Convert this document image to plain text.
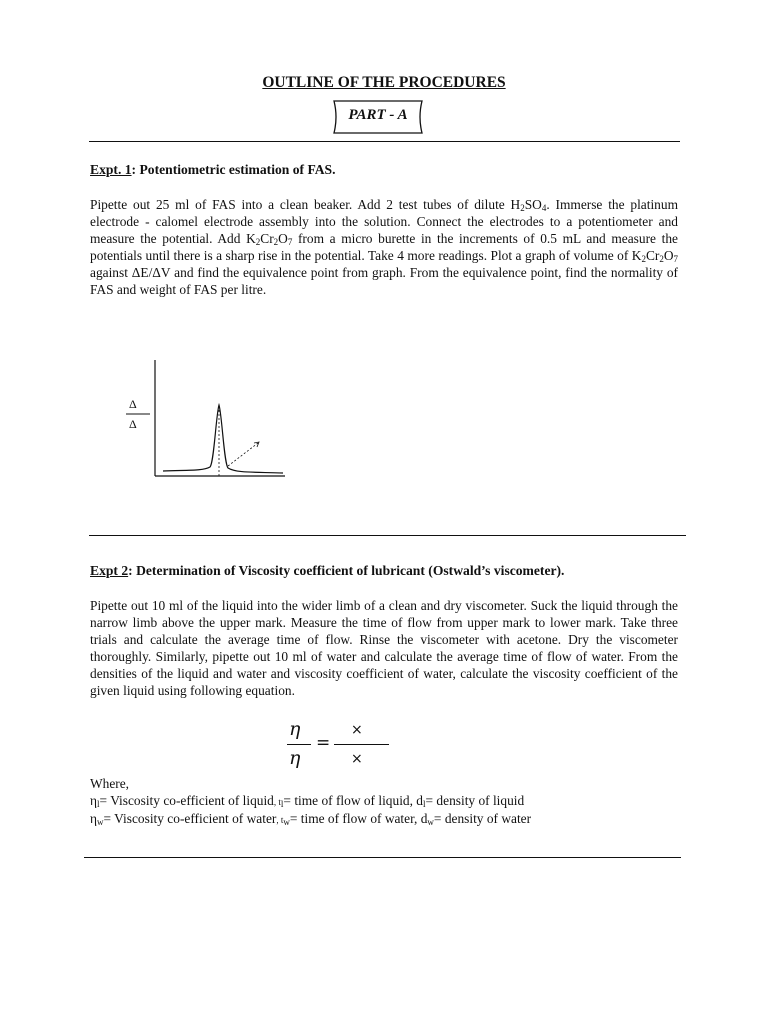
OUTLINE OF THE PROCEDURES
PART - A
Expt. 1: Potentiometric estimation of FAS.
Pipette out 25 ml of FAS into a clean beaker. Add 2 test tubes of dilute $H_2SO_4$. Immerse the platinum electrode - calomel electrode assembly into the solution. Connect the electrodes to a potentiometer and measure the potential. Add $K_2Cr_2O_7$ from a micro burette in the increments of 0.5 mL and measure the potentials until there is a sharp rise in the potential. Take 4 more readings. Plot a graph of volume of $K_2Cr_2O_7$ against ΔE/ΔV and find the equivalence point from graph. From the equivalence point, find the normality of FAS and weight of FAS per litre.
Δ
Δ
Expt 2: Determination of Viscosity coefficient of lubricant (Ostwald’s viscometer).
Pipette out 10 ml of the liquid into the wider limb of a clean and dry viscometer. Suck the liquid through the narrow limb above the upper mark. Measure the time of flow from upper mark to lower mark. Take three trials and calculate the average time of flow. Rinse the viscometer with acetone. Dry the viscometer thoroughly. Similarly, pipette out 10 ml of water and calculate the average time of flow of water. From the densities of the liquid and water and viscosity coefficient of water, calculate the viscosity coefficient of the given liquid using following equation.
η
η
=
×
×
Where,
$\eta_l=$ Viscosity co-efficient of liquid, $t_l=$ time of flow of liquid, $d_l=$ density of liquid
$\eta_w=$ Viscosity co-efficient of water, $t_w=$ time of flow of water, $d_w=$ density of water
